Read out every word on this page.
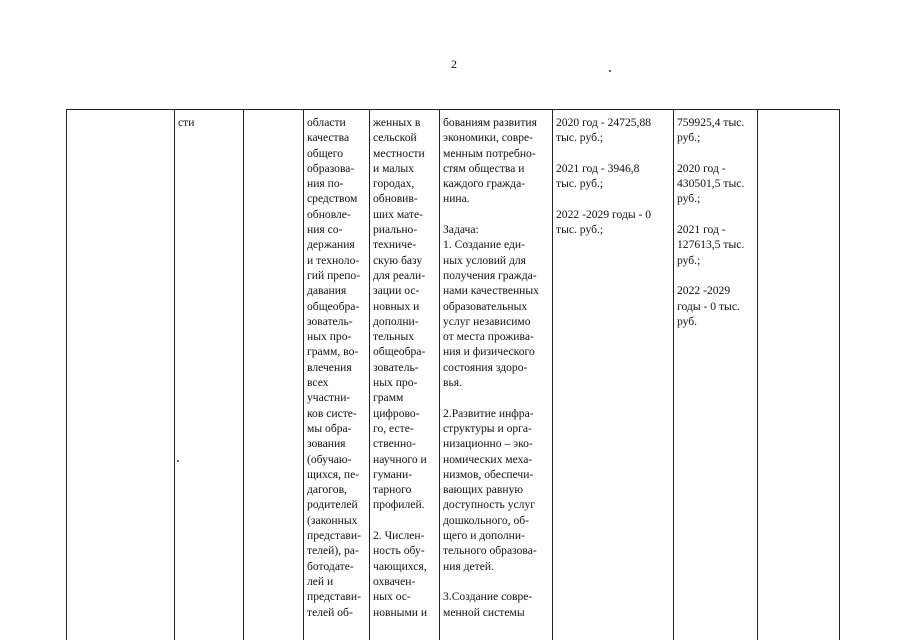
2
сти	области
качества
общего
образова-
ния по-
средством
обновле-
ния со-
держания
и техноло-
гий препо-
давания
общеобра-
зователь-
ных про-
грамм, во-
влечения
всех
участни-
ков систе-
мы обра-
зования
(обучаю-
щихся, пе-
дагогов,
родителей
(законных
представи-
телей), ра-
ботодате-
лей и
представи-
телей об-
женных в
сельской
местности
и малых
городах,
обновив-
ших мате-
риально-
техниче-
скую базу
для реали-
зации ос-
новных и
дополни-
тельных
общеобра-
зователь-
ных про-
грамм
цифрово-
го, есте-
ственно-
научного и
гумани-
тарного
профилей.

2. Числен-
ность обу-
чающихся,
охвачен-
ных ос-
новными и
бованиям развития
экономики, совре-
менным потребно-
стям общества и
каждого гражда-
нина.

Задача:
1. Создание еди-
ных условий для
получения гражда-
нами качественных
образовательных
услуг независимо
от места прожива-
ния и физического
состояния здоро-
вья.

2.Развитие инфра-
структуры и орга-
низационно – эко-
номических меха-
низмов, обеспечи-
вающих равную
доступность услуг
дошкольного, об-
щего и дополни-
тельного образова-
ния детей.

3.Создание совре-
менной системы
2020 год - 24725,88
тыс. руб.;

2021 год - 3946,8
тыс. руб.;

2022 -2029 годы - 0
тыс. руб.;
759925,4 тыс.
руб.;

2020 год -
430501,5 тыс.
руб.;

2021 год -
127613,5 тыс.
руб.;

2022 -2029
годы - 0 тыс.
руб.
